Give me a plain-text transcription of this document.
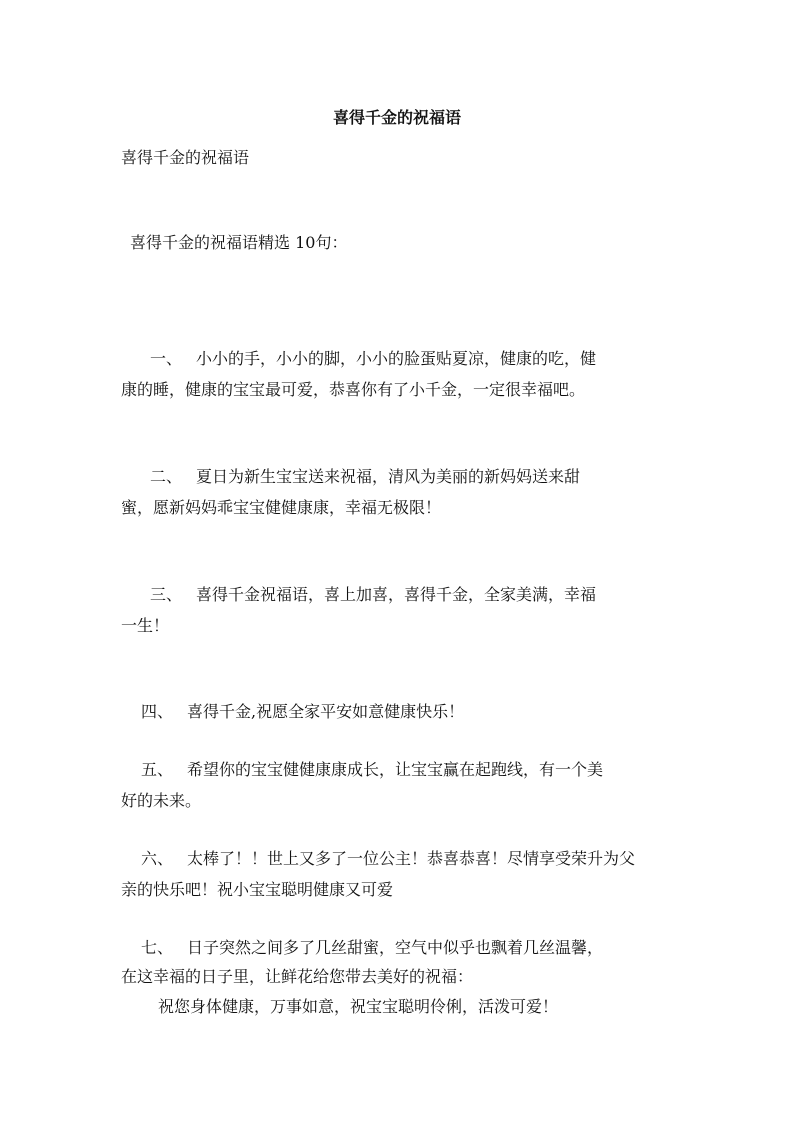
喜得千金的祝福语
喜得千金的祝福语
喜得千金的祝福语精选 10句：
一、 小小的手，小小的脚，小小的脸蛋贴夏凉，健康的吃，健
康的睡，健康的宝宝最可爱，恭喜你有了小千金，一定很幸福吧。
二、 夏日为新生宝宝送来祝福，清风为美丽的新妈妈送来甜
蜜，愿新妈妈乖宝宝健健康康，幸福无极限！
三、 喜得千金祝福语，喜上加喜，喜得千金，全家美满，幸福
一生！
四、 喜得千金,祝愿全家平安如意健康快乐！
五、 希望你的宝宝健健康康成长，让宝宝赢在起跑线，有一个美
好的未来。
六、 太棒了！！世上又多了一位公主！恭喜恭喜！尽情享受荣升为父
亲的快乐吧！祝小宝宝聪明健康又可爱
七、 日子突然之间多了几丝甜蜜，空气中似乎也飘着几丝温馨，
在这幸福的日子里，让鲜花给您带去美好的祝福：
祝您身体健康，万事如意，祝宝宝聪明伶俐，活泼可爱！
